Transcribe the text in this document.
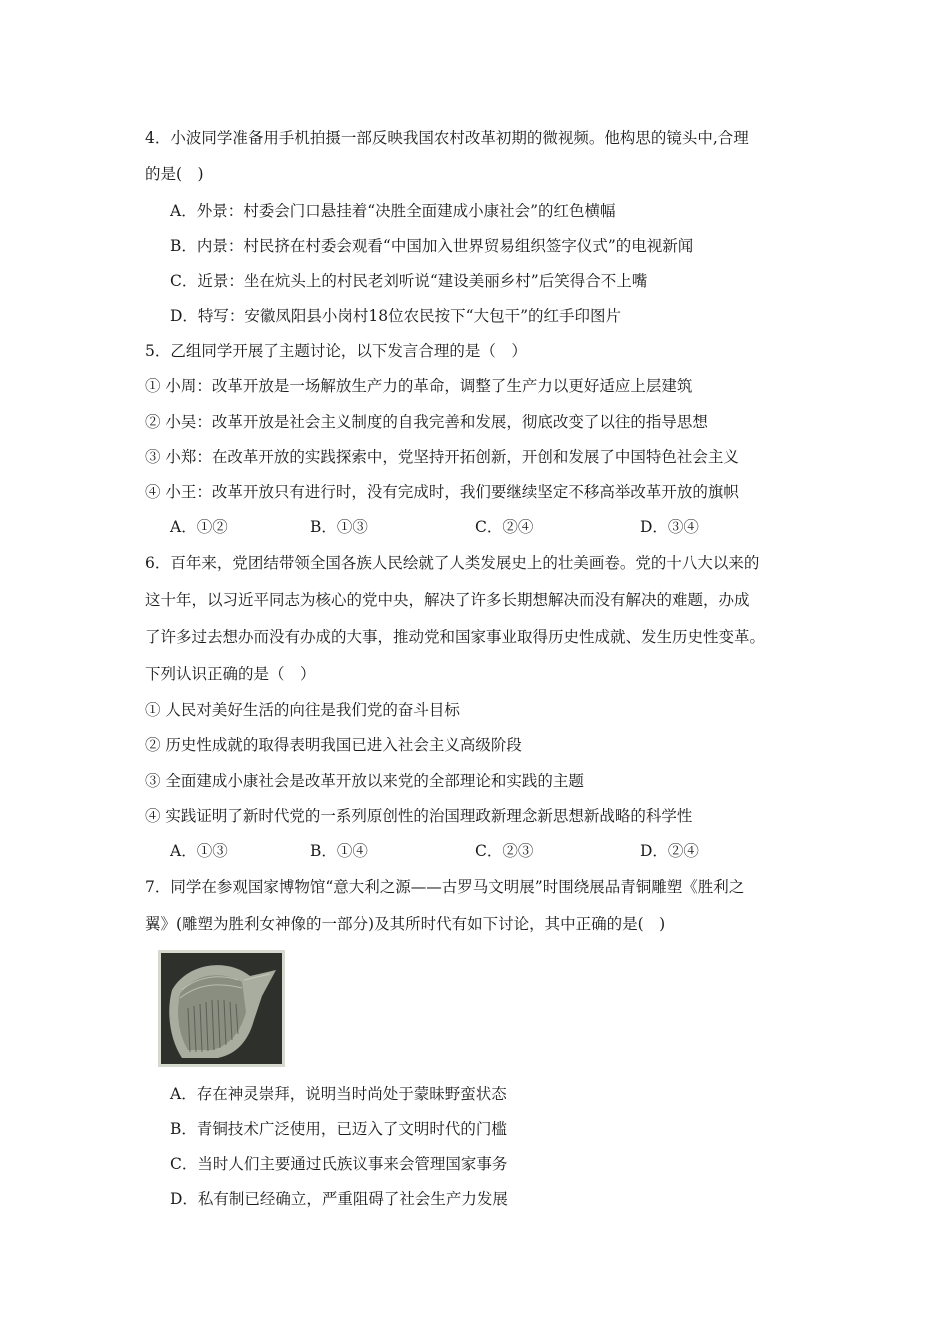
4．小波同学准备用手机拍摄一部反映我国农村改革初期的微视频。他构思的镜头中,合理
的是(　)
A．外景：村委会门口悬挂着“决胜全面建成小康社会”的红色横幅
B．内景：村民挤在村委会观看“中国加入世界贸易组织签字仪式”的电视新闻
C．近景：坐在炕头上的村民老刘听说“建设美丽乡村”后笑得合不上嘴
D．特写：安徽凤阳县小岗村18位农民按下“大包干”的红手印图片
5．乙组同学开展了主题讨论，以下发言合理的是（　）
① 小周：改革开放是一场解放生产力的革命，调整了生产力以更好适应上层建筑
② 小吴：改革开放是社会主义制度的自我完善和发展，彻底改变了以往的指导思想
③ 小郑：在改革开放的实践探索中，党坚持开拓创新，开创和发展了中国特色社会主义
④ 小王：改革开放只有进行时，没有完成时，我们要继续坚定不移高举改革开放的旗帜
A．①②	B．①③	C．②④	D．③④
6．百年来，党团结带领全国各族人民绘就了人类发展史上的壮美画卷。党的十八大以来的
这十年，以习近平同志为核心的党中央，解决了许多长期想解决而没有解决的难题，办成
了许多过去想办而没有办成的大事，推动党和国家事业取得历史性成就、发生历史性变革。
下列认识正确的是（　）
① 人民对美好生活的向往是我们党的奋斗目标
② 历史性成就的取得表明我国已进入社会主义高级阶段
③ 全面建成小康社会是改革开放以来党的全部理论和实践的主题
④ 实践证明了新时代党的一系列原创性的治国理政新理念新思想新战略的科学性
A．①③	B．①④	C．②③	D．②④
7．同学在参观国家博物馆“意大利之源——古罗马文明展”时围绕展品青铜雕塑《胜利之
翼》(雕塑为胜利女神像的一部分)及其所时代有如下讨论，其中正确的是(　)
A．存在神灵崇拜，说明当时尚处于蒙昧野蛮状态
B．青铜技术广泛使用，已迈入了文明时代的门槛
C．当时人们主要通过氏族议事来会管理国家事务
D．私有制已经确立，严重阻碍了社会生产力发展
